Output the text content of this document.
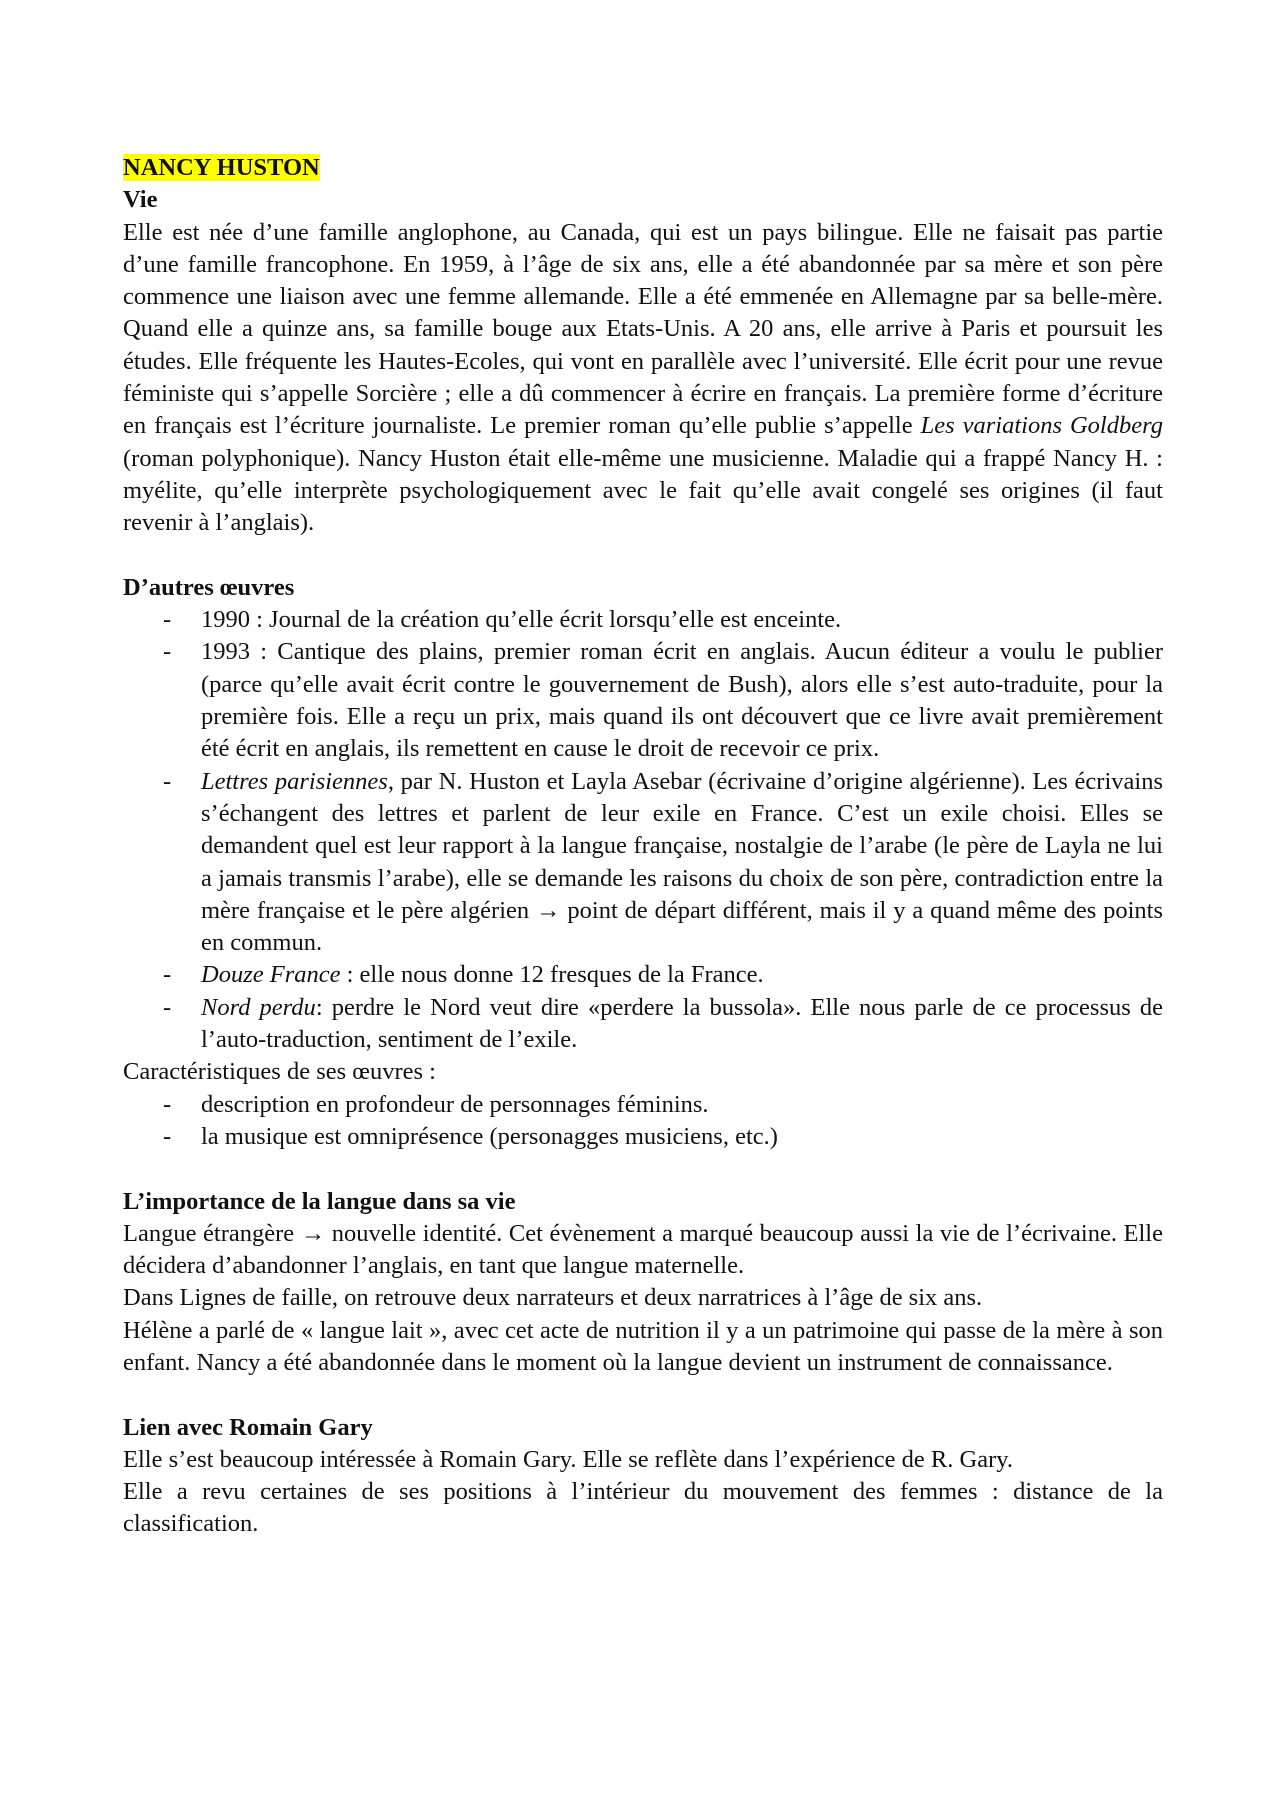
NANCY HUSTON

Vie

Elle est née d’une famille anglophone, au Canada, qui est un pays bilingue. Elle ne faisait pas partie d’une famille francophone. En 1959, à l’âge de six ans, elle a été abandonnée par sa mère et son père commence une liaison avec une femme allemande. Elle a été emmenée en Allemagne par sa belle-mère. Quand elle a quinze ans, sa famille bouge aux Etats-Unis. A 20 ans, elle arrive à Paris et poursuit les études. Elle fréquente les Hautes-Ecoles, qui vont en parallèle avec l’université. Elle écrit pour une revue féministe qui s’appelle Sorcière ; elle a dû commencer à écrire en français. La première forme d’écriture en français est l’écriture journaliste. Le premier roman qu’elle publie s’appelle Les variations Goldberg (roman polyphonique). Nancy Huston était elle-même une musicienne. Maladie qui a frappé Nancy H. : myélite, qu’elle interprète psychologiquement avec le fait qu’elle avait congelé ses origines (il faut revenir à l’anglais).

D’autres œuvres

- 1990 : Journal de la création qu’elle écrit lorsqu’elle est enceinte.
- 1993 : Cantique des plains, premier roman écrit en anglais. Aucun éditeur a voulu le publier (parce qu’elle avait écrit contre le gouvernement de Bush), alors elle s’est auto-traduite, pour la première fois. Elle a reçu un prix, mais quand ils ont découvert que ce livre avait premièrement été écrit en anglais, ils remettent en cause le droit de recevoir ce prix.
- Lettres parisiennes, par N. Huston et Layla Asebar (écrivaine d’origine algérienne). Les écrivains s’échangent des lettres et parlent de leur exile en France. C’est un exile choisi. Elles se demandent quel est leur rapport à la langue française, nostalgie de l’arabe (le père de Layla ne lui a jamais transmis l’arabe), elle se demande les raisons du choix de son père, contradiction entre la mère française et le père algérien → point de départ différent, mais il y a quand même des points en commun.
- Douze France : elle nous donne 12 fresques de la France.
- Nord perdu: perdre le Nord veut dire «perdere la bussola». Elle nous parle de ce processus de l’auto-traduction, sentiment de l’exile.

Caractéristiques de ses œuvres :

- description en profondeur de personnages féminins.
- la musique est omniprésence (personagges musiciens, etc.)

L’importance de la langue dans sa vie

Langue étrangère → nouvelle identité. Cet évènement a marqué beaucoup aussi la vie de l’écrivaine. Elle décidera d’abandonner l’anglais, en tant que langue maternelle.

Dans Lignes de faille, on retrouve deux narrateurs et deux narratrices à l’âge de six ans.

Hélène a parlé de « langue lait », avec cet acte de nutrition il y a un patrimoine qui passe de la mère à son enfant. Nancy a été abandonnée dans le moment où la langue devient un instrument de connaissance.

Lien avec Romain Gary

Elle s’est beaucoup intéressée à Romain Gary. Elle se reflète dans l’expérience de R. Gary.

Elle a revu certaines de ses positions à l’intérieur du mouvement des femmes : distance de la classification.
